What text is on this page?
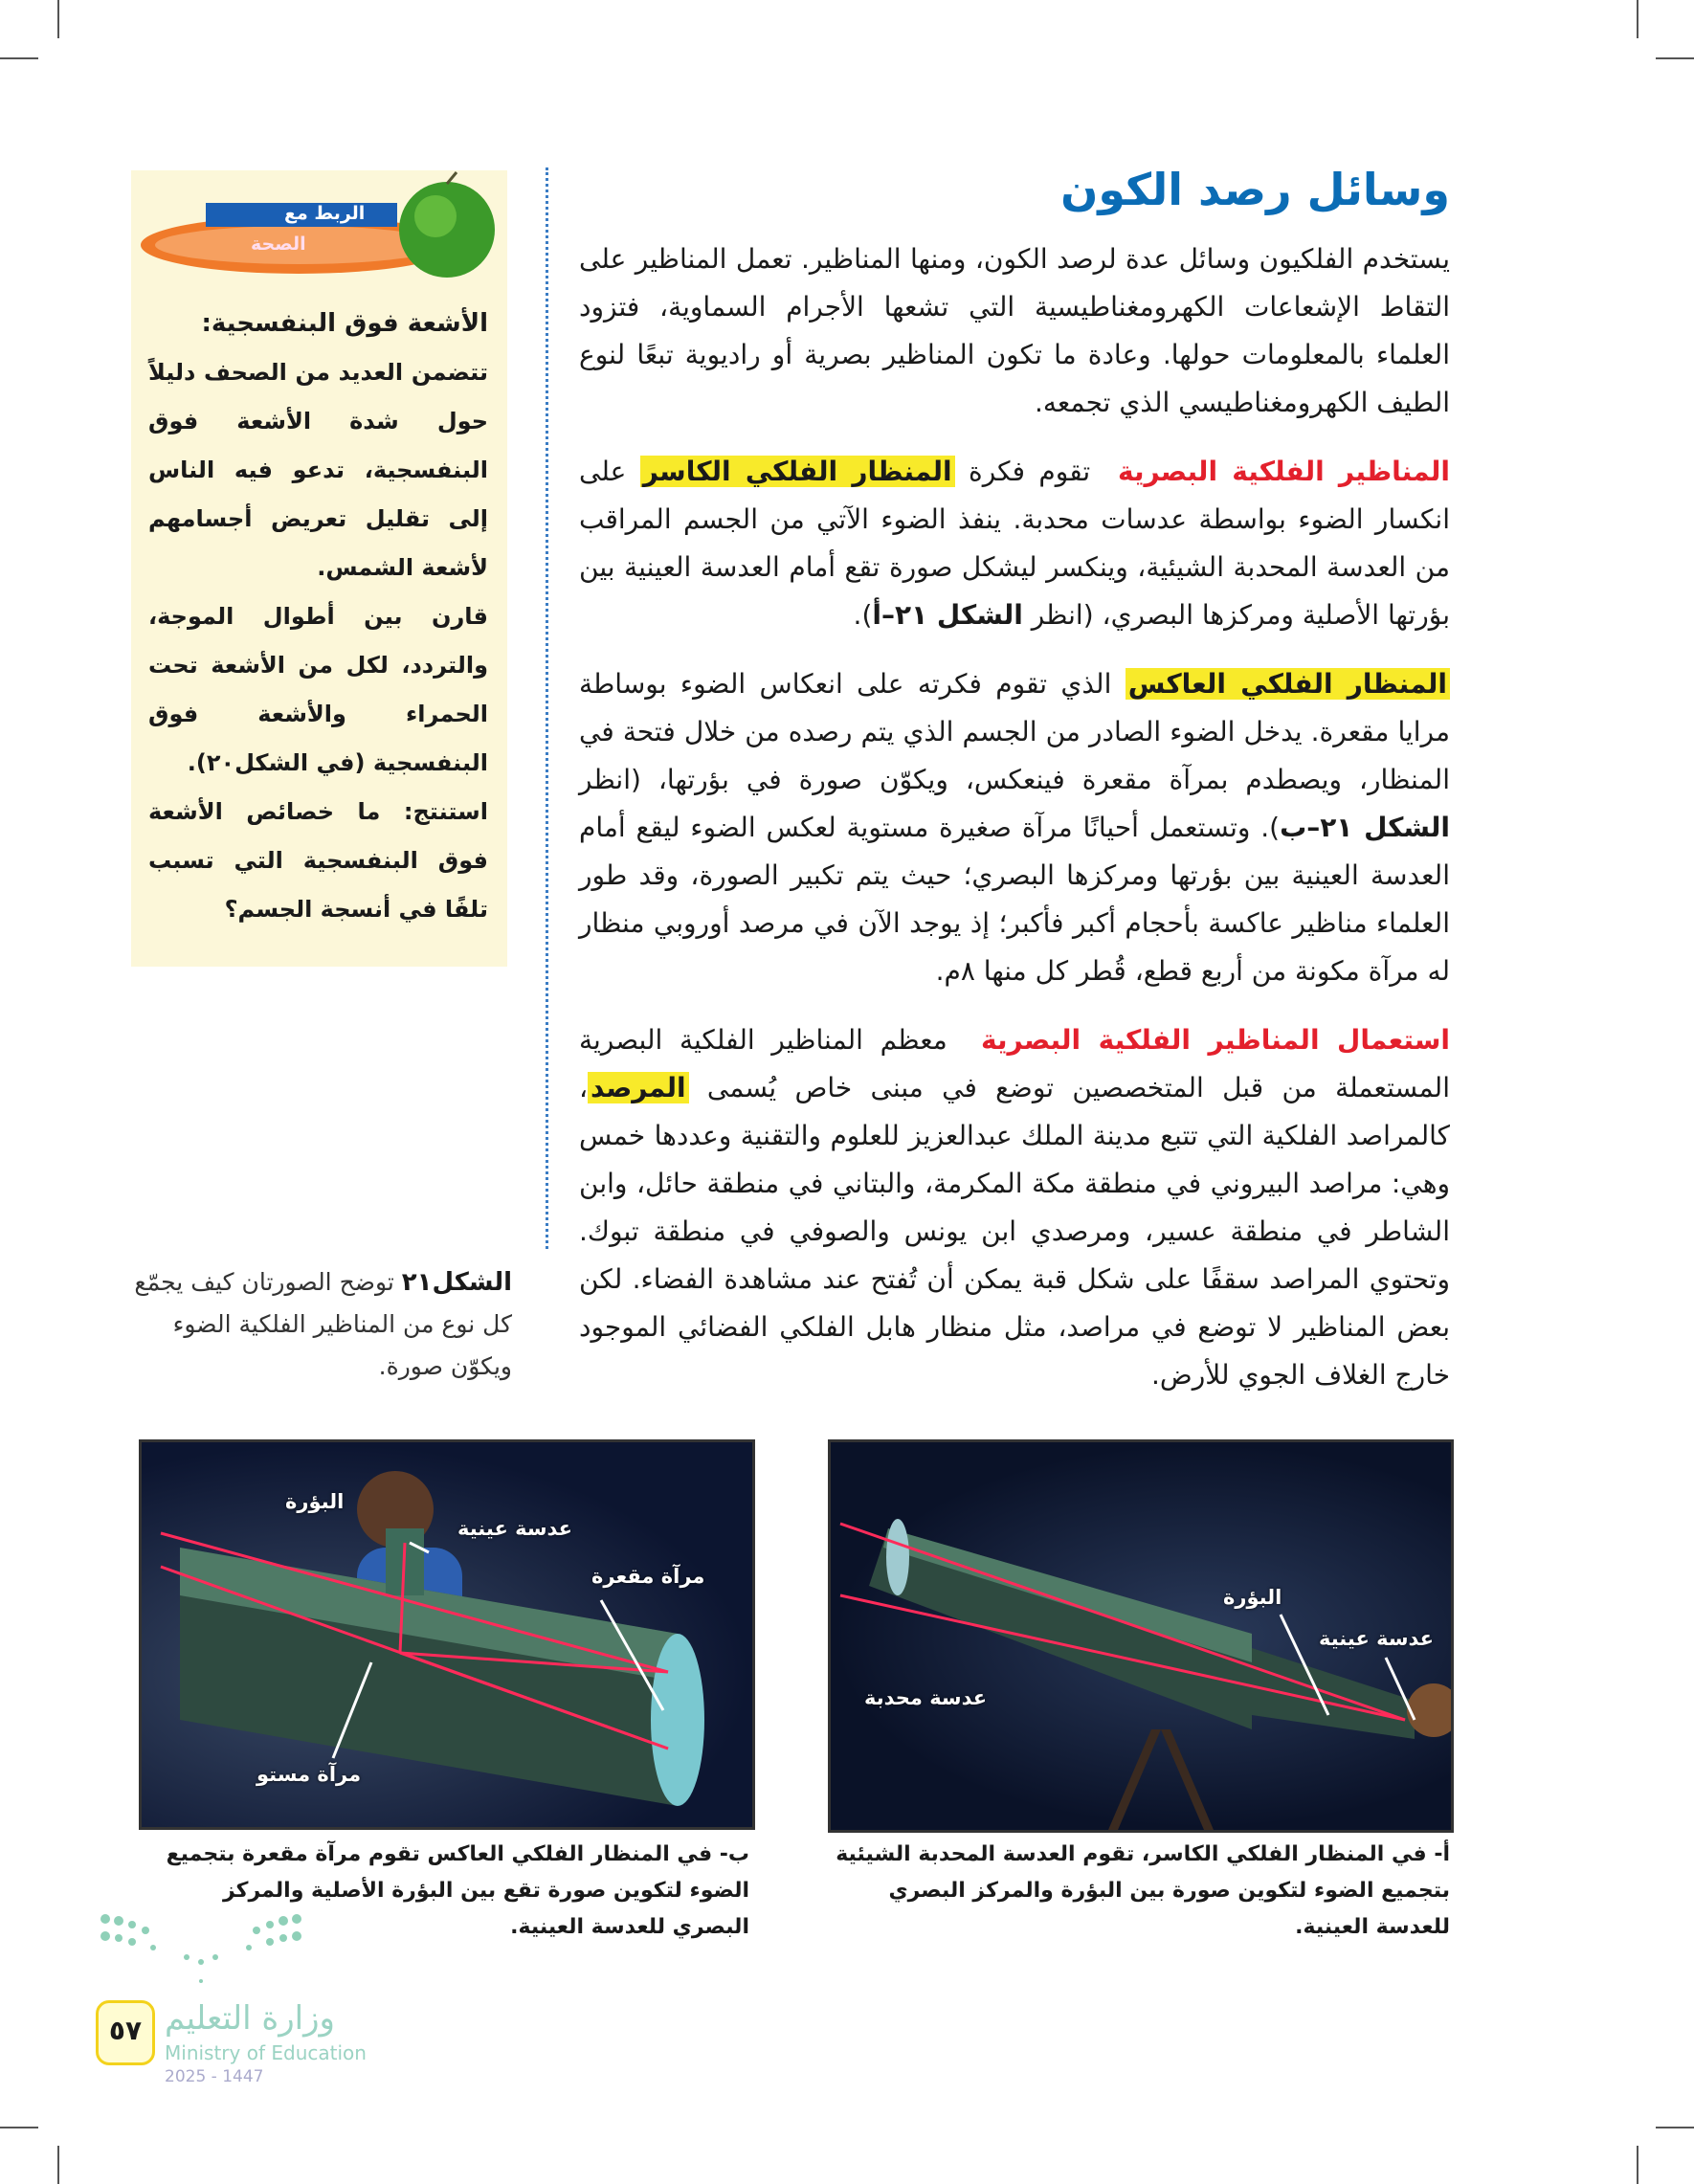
وسائل رصد الكون

يستخدم الفلكيون وسائل عدة لرصد الكون، ومنها المناظير. تعمل المناظير على التقاط الإشعاعات الكهرومغناطيسية التي تشعها الأجرام السماوية، فتزود العلماء بالمعلومات حولها. وعادة ما تكون المناظير بصرية أو راديوية تبعًا لنوع الطيف الكهرومغناطيسي الذي تجمعه.

المناظير الفلكية البصرية  تقوم فكرة المنظار الفلكي الكاسر على انكسار الضوء بواسطة عدسات محدبة. ينفذ الضوء الآتي من الجسم المراقب من العدسة المحدبة الشيئية، وينكسر ليشكل صورة تقع أمام العدسة العينية بين بؤرتها الأصلية ومركزها البصري، (انظر الشكل ٢١–أ).

المنظار الفلكي العاكس الذي تقوم فكرته على انعكاس الضوء بوساطة مرايا مقعرة. يدخل الضوء الصادر من الجسم الذي يتم رصده من خلال فتحة في المنظار، ويصطدم بمرآة مقعرة فينعكس، ويكوّن صورة في بؤرتها، (انظر الشكل ٢١–ب). وتستعمل أحيانًا مرآة صغيرة مستوية لعكس الضوء ليقع أمام العدسة العينية بين بؤرتها ومركزها البصري؛ حيث يتم تكبير الصورة، وقد طور العلماء مناظير عاكسة بأحجام أكبر فأكبر؛ إذ يوجد الآن في مرصد أوروبي منظار له مرآة مكونة من أربع قطع، قُطر كل منها ٨م.

استعمال المناظير الفلكية البصرية  معظم المناظير الفلكية البصرية المستعملة من قبل المتخصصين توضع في مبنى خاص يُسمى المرصد، كالمراصد الفلكية التي تتبع مدينة الملك عبدالعزيز للعلوم والتقنية وعددها خمس وهي: مراصد البيروني في منطقة مكة المكرمة، والبتاني في منطقة حائل، وابن الشاطر في منطقة عسير، ومرصدي ابن يونس والصوفي في منطقة تبوك. وتحتوي المراصد سقفًا على شكل قبة يمكن أن تُفتح عند مشاهدة الفضاء. لكن بعض المناظير لا توضع في مراصد، مثل منظار هابل الفلكي الفضائي الموجود خارج الغلاف الجوي للأرض.

الربط مع
الصحة
الأشعة فوق البنفسجية:
تتضمن العديد من الصحف دليلاً حول شدة الأشعة فوق البنفسجية، تدعو فيه الناس إلى تقليل تعريض أجسامهم لأشعة الشمس.
قارن بين أطوال الموجة، والتردد، لكل من الأشعة تحت الحمراء والأشعة فوق البنفسجية (في الشكل٢٠).
استنتج: ما خصائص الأشعة فوق البنفسجية التي تسبب تلفًا في أنسجة الجسم؟
الشكل٢١ توضح الصورتان كيف يجمّع كل نوع من المناظير الفلكية الضوء ويكوّن صورة.
البؤرة
عدسة عينية
مرآة مقعرة
مرآة مستو
البؤرة
عدسة عينية
عدسة محدبة
ب- في المنظار الفلكي العاكس تقوم مرآة مقعرة بتجميع الضوء لتكوين صورة تقع بين البؤرة الأصلية والمركز البصري للعدسة العينية.
أ- في المنظار الفلكي الكاسر، تقوم العدسة المحدبة الشيئية بتجميع الضوء لتكوين صورة بين البؤرة والمركز البصري للعدسة العينية.
٥٧ وزارة التعليم
Ministry of Education
2025 - 1447
